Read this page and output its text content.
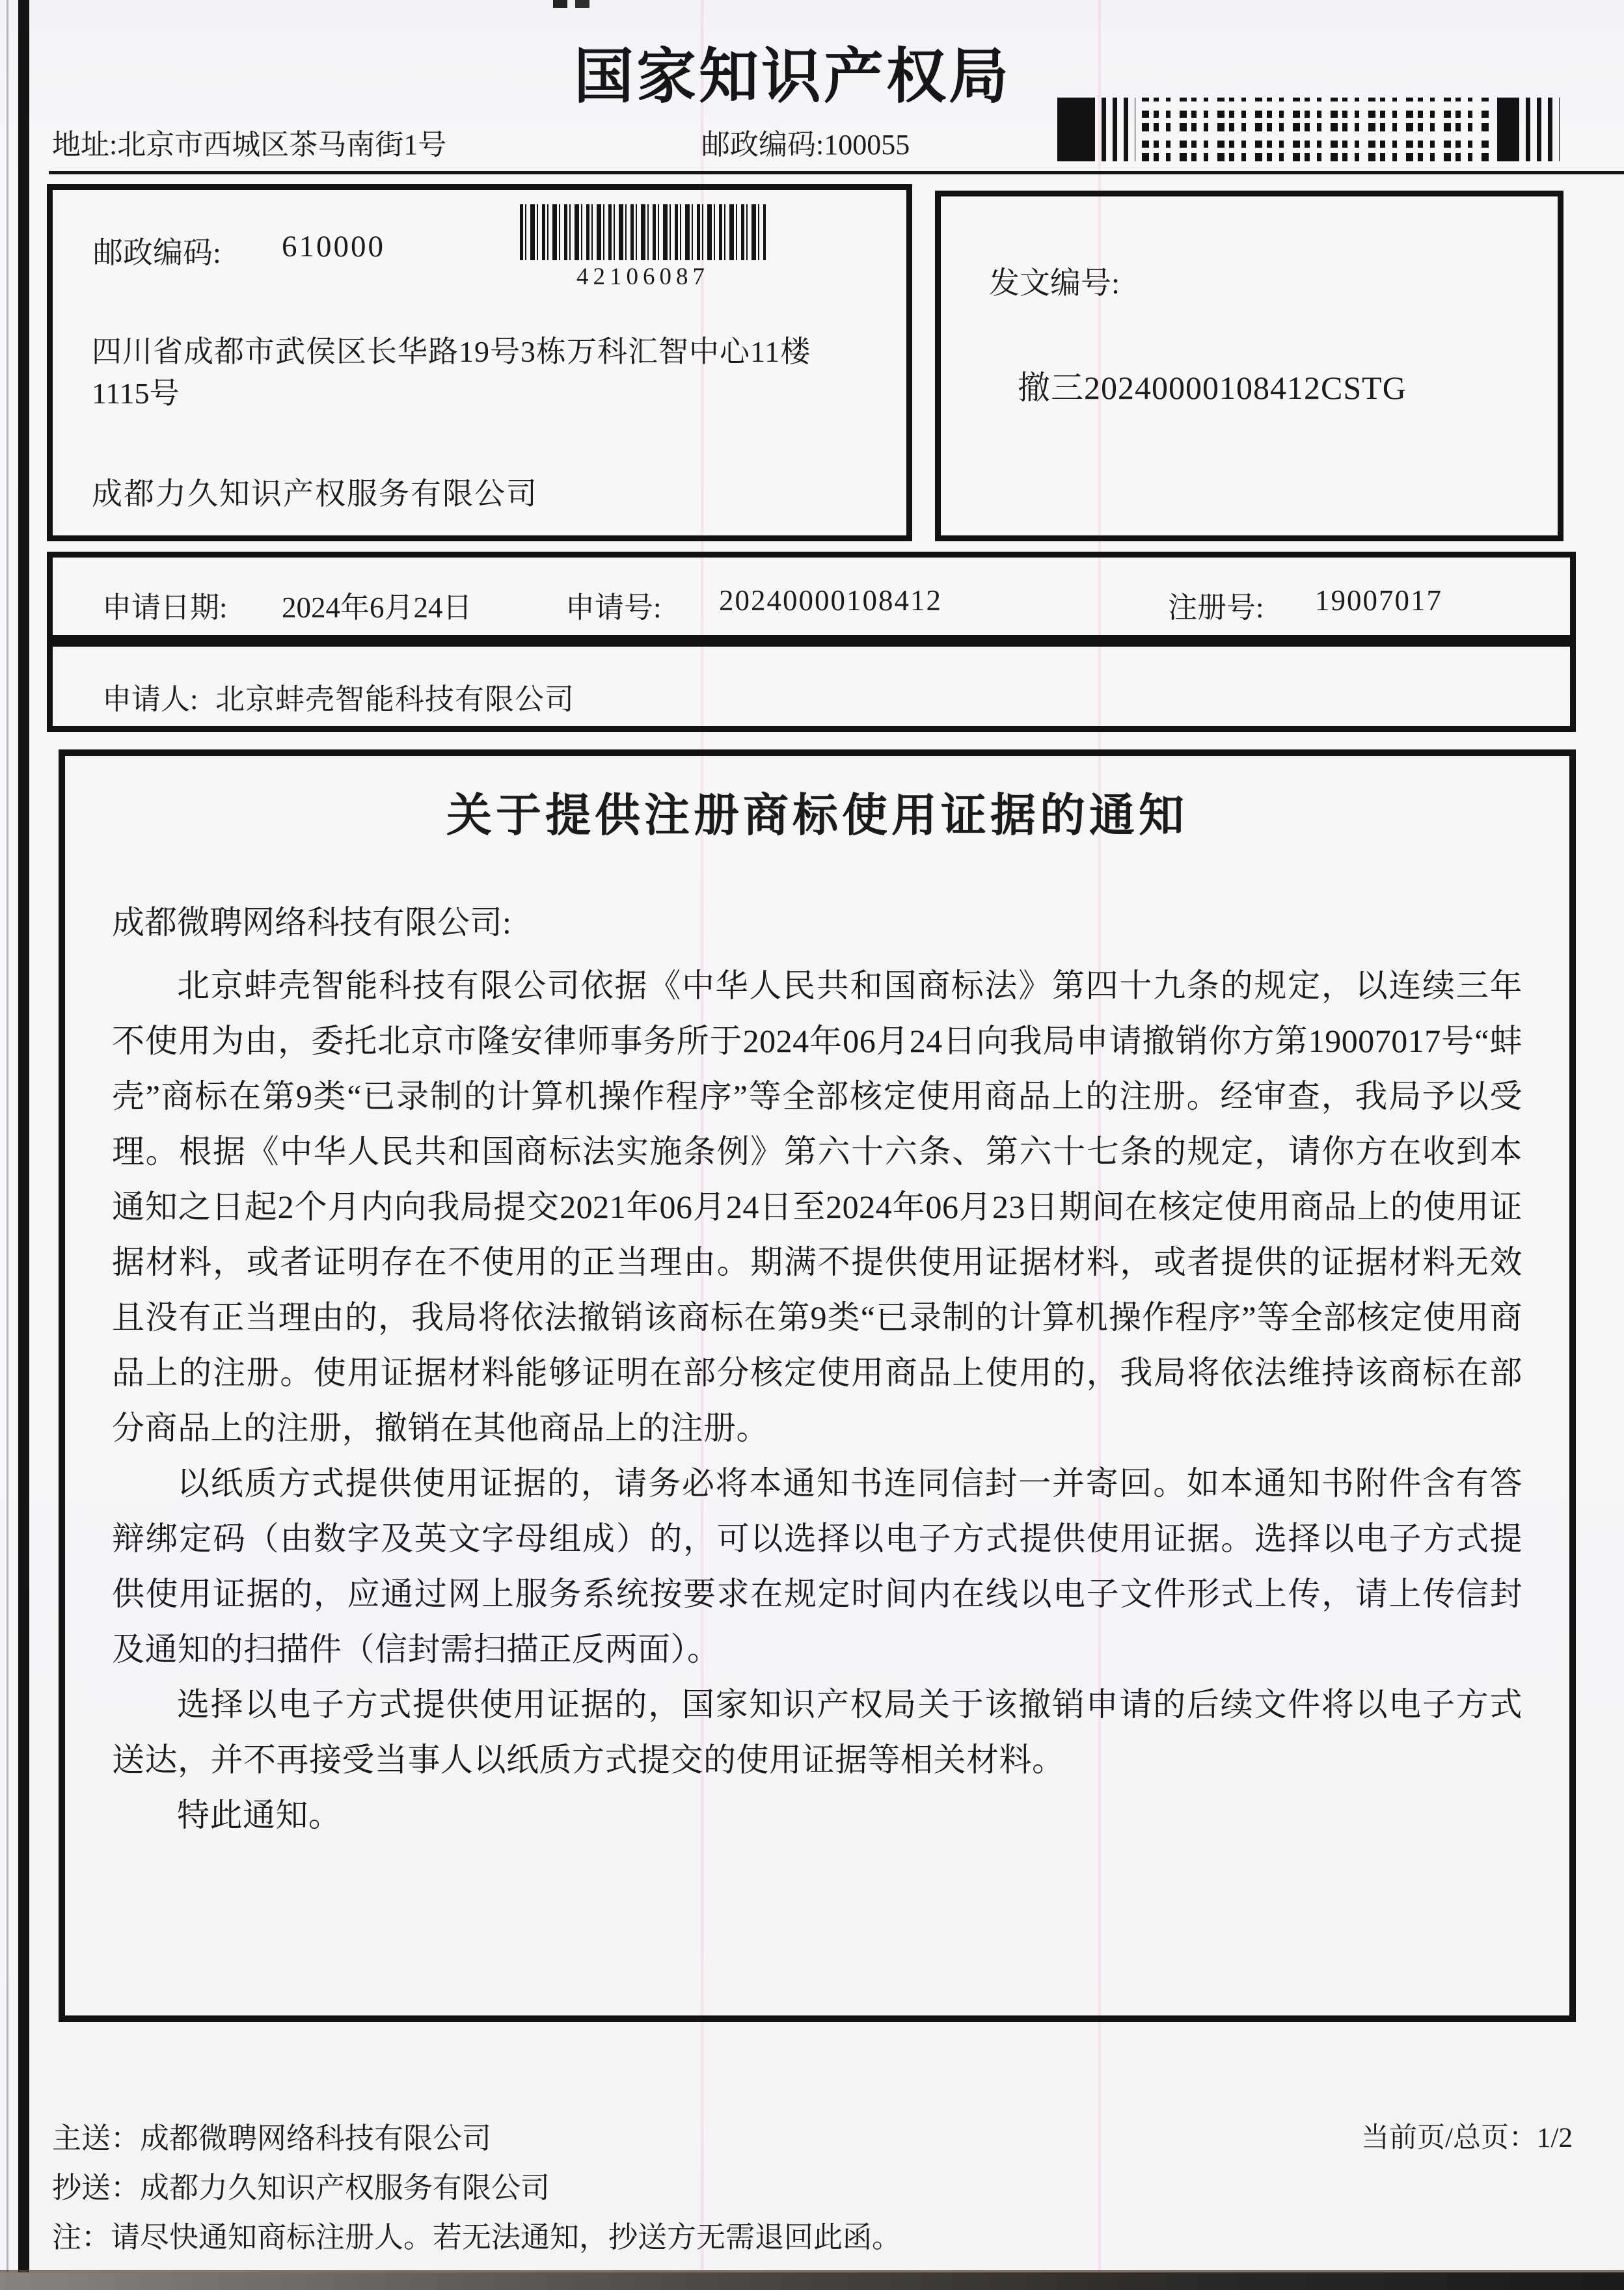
国家知识产权局
地址:北京市西城区茶马南街1号	邮政编码:100055
邮政编码: 610000
42106087
四川省成都市武侯区长华路19号3栋万科汇智中心11楼
1115号
成都力久知识产权服务有限公司
发文编号:
撤三20240000108412CSTG
申请日期: 2024年6月24日	申请号: 20240000108412	注册号: 19007017
申请人: 北京蚌壳智能科技有限公司
关于提供注册商标使用证据的通知
成都微聘网络科技有限公司:

北京蚌壳智能科技有限公司依据《中华人民共和国商标法》第四十九条的规定，以连续三年不使用为由，委托北京市隆安律师事务所于2024年06月24日向我局申请撤销你方第19007017号“蚌壳”商标在第9类“已录制的计算机操作程序”等全部核定使用商品上的注册。经审查，我局予以受理。根据《中华人民共和国商标法实施条例》第六十六条、第六十七条的规定，请你方在收到本通知之日起2个月内向我局提交2021年06月24日至2024年06月23日期间在核定使用商品上的使用证据材料，或者证明存在不使用的正当理由。期满不提供使用证据材料，或者提供的证据材料无效且没有正当理由的，我局将依法撤销该商标在第9类“已录制的计算机操作程序”等全部核定使用商品上的注册。使用证据材料能够证明在部分核定使用商品上使用的，我局将依法维持该商标在部分商品上的注册，撤销在其他商品上的注册。

以纸质方式提供使用证据的，请务必将本通知书连同信封一并寄回。如本通知书附件含有答辩绑定码（由数字及英文字母组成）的，可以选择以电子方式提供使用证据。选择以电子方式提供使用证据的，应通过网上服务系统按要求在规定时间内在线以电子文件形式上传，请上传信封及通知的扫描件（信封需扫描正反两面）。

选择以电子方式提供使用证据的，国家知识产权局关于该撤销申请的后续文件将以电子方式送达，并不再接受当事人以纸质方式提交的使用证据等相关材料。

特此通知。

主送：成都微聘网络科技有限公司	当前页/总页：1/2
抄送：成都力久知识产权服务有限公司
注：请尽快通知商标注册人。若无法通知，抄送方无需退回此函。
